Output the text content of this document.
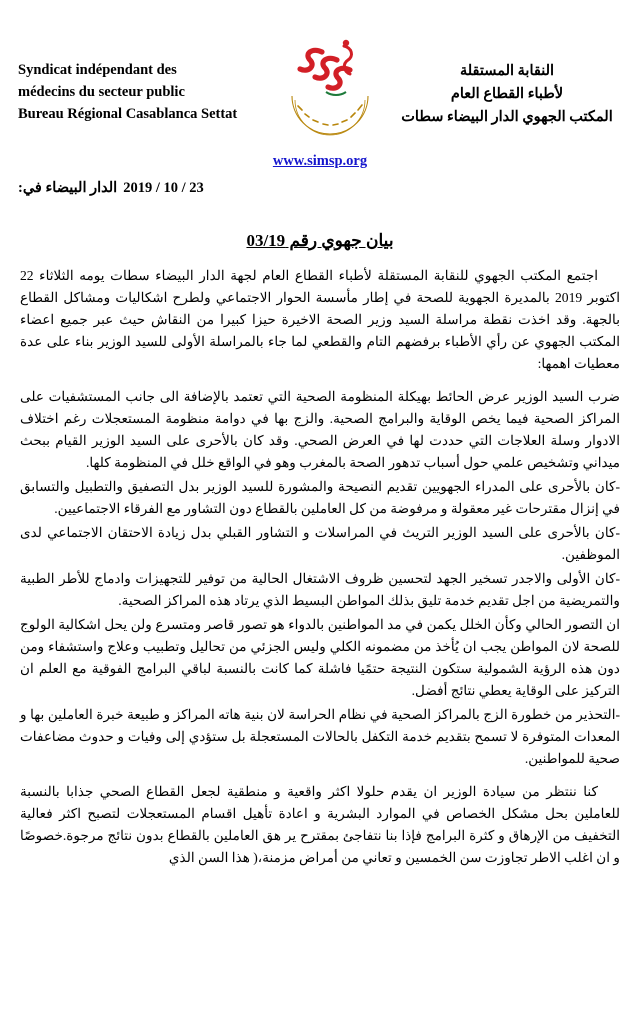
Syndicat indépendant des
médecins du secteur public
Bureau Régional Casablanca Settat
النقابة المستقلة
لأطباء القطاع العام
المكتب الجهوي الدار البيضاء سطات
www.simsp.org
23 / 10 / 2019
الدار البيضاء في:
بيان جهوي رقم 03/19

اجتمع المكتب الجهوي للنقابة المستقلة لأطباء القطاع العام لجهة الدار البيضاء سطات يومه الثلاثاء 22 اكتوبر 2019 بالمديرة الجهوية للصحة في إطار مأسسة الحوار الاجتماعي ولطرح اشكاليات ومشاكل القطاع بالجهة. وقد اخذت نقطة مراسلة السيد وزير الصحة الاخيرة حيزا كبيرا من النقاش حيث عبر جميع اعضاء المكتب الجهوي عن رأي الأطباء برفضهم التام والقطعي لما جاء بالمراسلة الأولى للسيد الوزير بناء على عدة معطيات اهمها:

ضرب السيد الوزير عرض الحائط بهيكلة المنظومة الصحية التي تعتمد بالإضافة الى جانب المستشفيات على المراكز الصحية فيما يخص الوقاية والبرامج الصحية. والزج بها في دوامة منظومة المستعجلات رغم اختلاف الادوار وسلة العلاجات التي حددت لها في العرض الصحي. وقد كان بالأحرى على السيد الوزير القيام ببحث ميداني وتشخيص علمي حول أسباب تدهور الصحة بالمغرب وهو في الواقع خلل في المنظومة كلها.

-كان بالأحرى على المدراء الجهويين تقديم النصيحة والمشورة للسيد الوزير بدل التصفيق والتطبيل والتسابق في إنزال مقترحات غير معقولة و مرفوضة من كل العاملين بالقطاع دون التشاور مع الفرقاء الاجتماعيين.

-كان بالأحرى على السيد الوزير التريث في المراسلات و التشاور القبلي بدل زيادة الاحتقان الاجتماعي لدى الموظفين.

-كان الأولى والاجدر تسخير الجهد لتحسين ظروف الاشتغال الحالية من توفير للتجهيزات وادماج للأطر الطبية والتمريضية من اجل تقديم خدمة تليق بذلك المواطن البسيط الذي يرتاد هذه المراكز الصحية.

ان التصور الحالي وكأن الخلل يكمن في مد المواطنين بالدواء هو تصور قاصر ومتسرع ولن يحل اشكالية الولوج للصحة لان المواطن يجب ان يُأخذ من مضمونه الكلي وليس الجزئي من تحاليل وتطبيب وعلاج واستشفاء ومن دون هذه الرؤية الشمولية ستكون النتيجة حتمًيا فاشلة كما كانت بالنسبة لباقي البرامج الفوقية مع العلم ان التركيز على الوقاية يعطي نتائج أفضل.

-التحذير من خطورة الزج بالمراكز الصحية في نظام الحراسة لان بنية هاته المراكز و طبيعة خبرة العاملين بها و المعدات المتوفرة لا تسمح بتقديم خدمة التكفل بالحالات المستعجلة بل ستؤدي إلى وفيات و حدوث مضاعفات صحية للمواطنين.

كنا ننتظر من سيادة الوزير ان يقدم حلولا اكثر واقعية و منطقية لجعل القطاع الصحي جذابا بالنسبة للعاملين بحل مشكل الخصاص في الموارد البشرية و اعادة تأهيل اقسام المستعجلات لتصبح اكثر فعالية التخفيف من الإرهاق و كثرة البرامج فإذا بنا نتفاجئ بمقترح ير هق العاملين بالقطاع بدون نتائج مرجوة.خصوصًا و ان اغلب الاطر تجاوزت سن الخمسين و تعاني من أمراض مزمنة،( هذا السن الذي
